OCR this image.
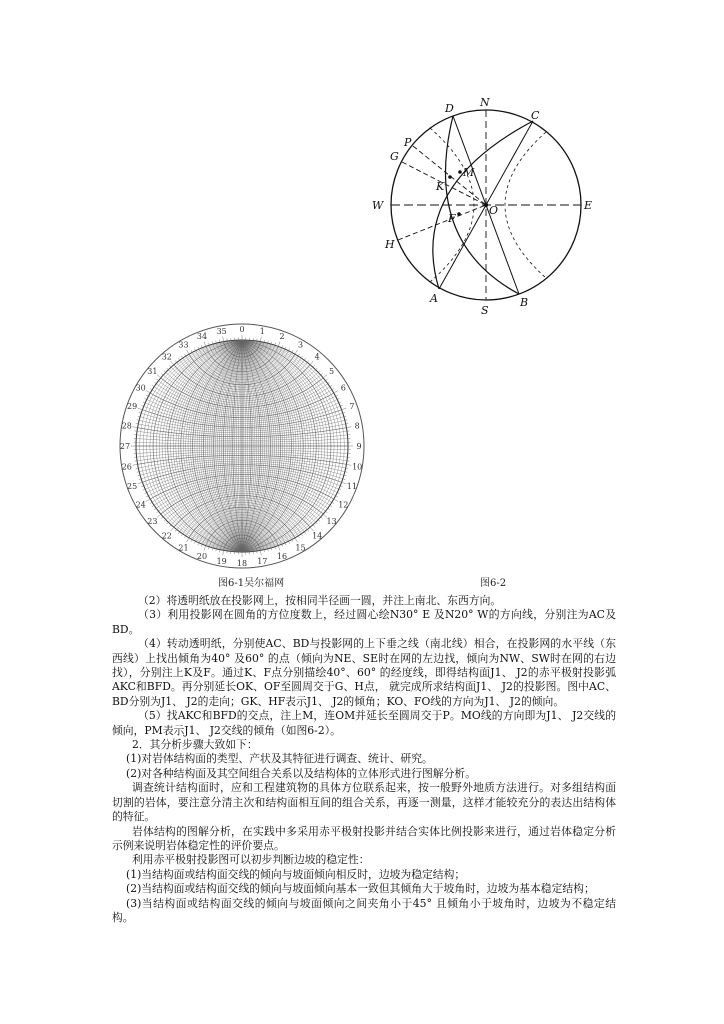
N
S
E
W
A	B
C
D
F
G
H
K
M
O
P
0 1
2
3
4
5
6
7
8
9
10
11
12
13
14
15
16
17
18
19
20
21
22
23
24
25
26
27
28
29
30
31
32
33
34
35
图6-1吴尔福网	图6-2

（2）将透明纸放在投影网上，按相同半径画一圆，并注上南北、东西方向。

（3）利用投影网在圆角的方位度数上，经过圆心绘N30° E 及N20° W的方向线，分别注为AC及BD。

（4）转动透明纸，分别使AC、BD与投影网的上下垂之线（南北线）相合，在投影网的水平线（东西线）上找出倾角为40° 及60° 的点（倾向为NE、SE时在网的左边找，倾向为NW、SW时在网的右边找），分别注上K及F。通过K、F点分别描绘40°、60° 的经度线，即得结构面J1、 J2的赤平极射投影弧AKC和BFD。再分别延长OK、OF至圆周交于G、H点， 就完成所求结构面J1、 J2的投影图。图中AC、BD分别为J1、 J2的走向；GK、HF表示J1、 J2的倾角；KO、FO线的方向为J1、 J2的倾向。

（5）找AKC和BFD的交点，注上M，连OM并延长至圆周交于P。MO线的方向即为J1、 J2交线的倾向，PM表示J1、 J2交线的倾角（如图6-2）。

2．其分析步骤大致如下：

(1)对岩体结构面的类型、产状及其特征进行调查、统计、研究。

(2)对各种结构面及其空间组合关系以及结构体的立体形式进行图解分析。

调查统计结构面时，应和工程建筑物的具体方位联系起来，按一般野外地质方法进行。对多组结构面切割的岩体，要注意分清主次和结构面相互间的组合关系，再逐一测量，这样才能较充分的表达出结构体的特征。

岩体结构的图解分析，在实践中多采用赤平极射投影并结合实体比例投影来进行，通过岩体稳定分析示例来说明岩体稳定性的评价要点。

利用赤平极射投影图可以初步判断边坡的稳定性：

(1)当结构面或结构面交线的倾向与坡面倾向相反时，边坡为稳定结构；

(2)当结构面或结构面交线的倾向与坡面倾向基本一致但其倾角大于坡角时，边坡为基本稳定结构；

(3)当结构面或结构面交线的倾向与坡面倾向之间夹角小于45° 且倾角小于坡角时，边坡为不稳定结构。
